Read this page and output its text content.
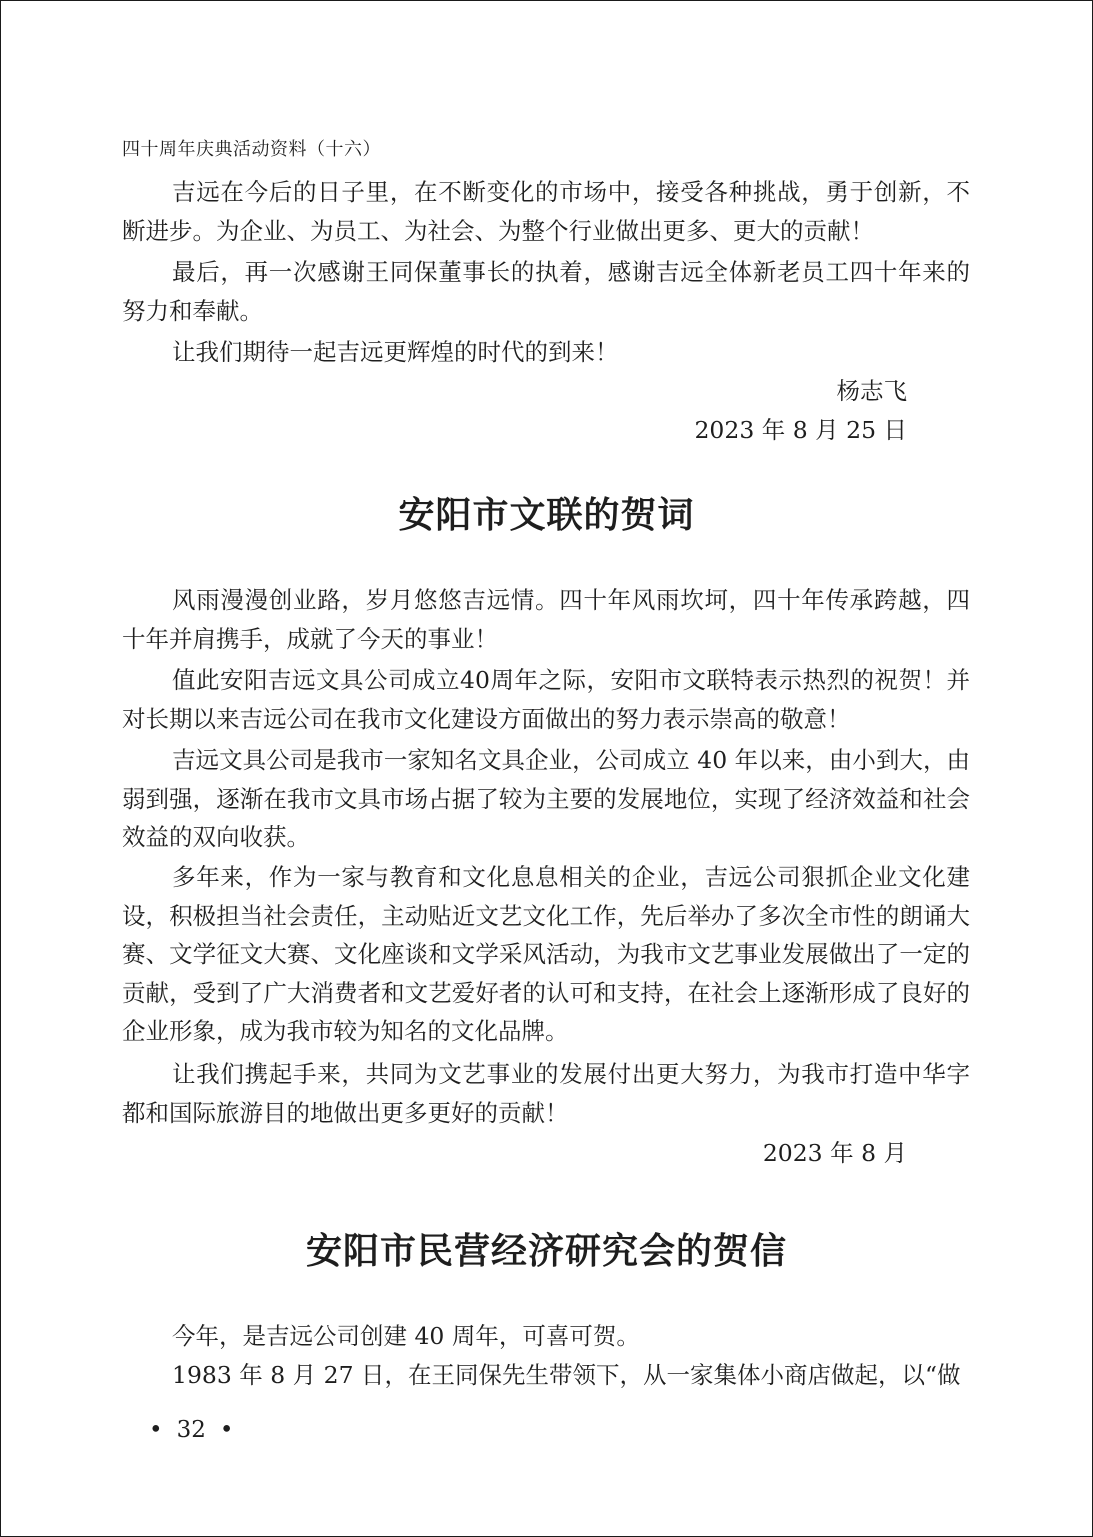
四十周年庆典活动资料（十六）

吉远在今后的日子里，在不断变化的市场中，接受各种挑战，勇于创新，不断进步。为企业、为员工、为社会、为整个行业做出更多、更大的贡献！

最后，再一次感谢王同保董事长的执着，感谢吉远全体新老员工四十年来的努力和奉献。

让我们期待一起吉远更辉煌的时代的到来！

杨志飞
2023 年 8 月 25 日
安阳市文联的贺词

风雨漫漫创业路，岁月悠悠吉远情。四十年风雨坎坷，四十年传承跨越，四十年并肩携手，成就了今天的事业！

值此安阳吉远文具公司成立40周年之际，安阳市文联特表示热烈的祝贺！并对长期以来吉远公司在我市文化建设方面做出的努力表示崇高的敬意！

吉远文具公司是我市一家知名文具企业，公司成立 40 年以来，由小到大，由弱到强，逐渐在我市文具市场占据了较为主要的发展地位，实现了经济效益和社会效益的双向收获。

多年来，作为一家与教育和文化息息相关的企业，吉远公司狠抓企业文化建设，积极担当社会责任，主动贴近文艺文化工作，先后举办了多次全市性的朗诵大赛、文学征文大赛、文化座谈和文学采风活动，为我市文艺事业发展做出了一定的贡献，受到了广大消费者和文艺爱好者的认可和支持，在社会上逐渐形成了良好的企业形象，成为我市较为知名的文化品牌。

让我们携起手来，共同为文艺事业的发展付出更大努力，为我市打造中华字都和国际旅游目的地做出更多更好的贡献！

2023 年 8 月
安阳市民营经济研究会的贺信

今年，是吉远公司创建 40 周年，可喜可贺。

1983 年 8 月 27 日，在王同保先生带领下，从一家集体小商店做起，以“做

• 32 •
